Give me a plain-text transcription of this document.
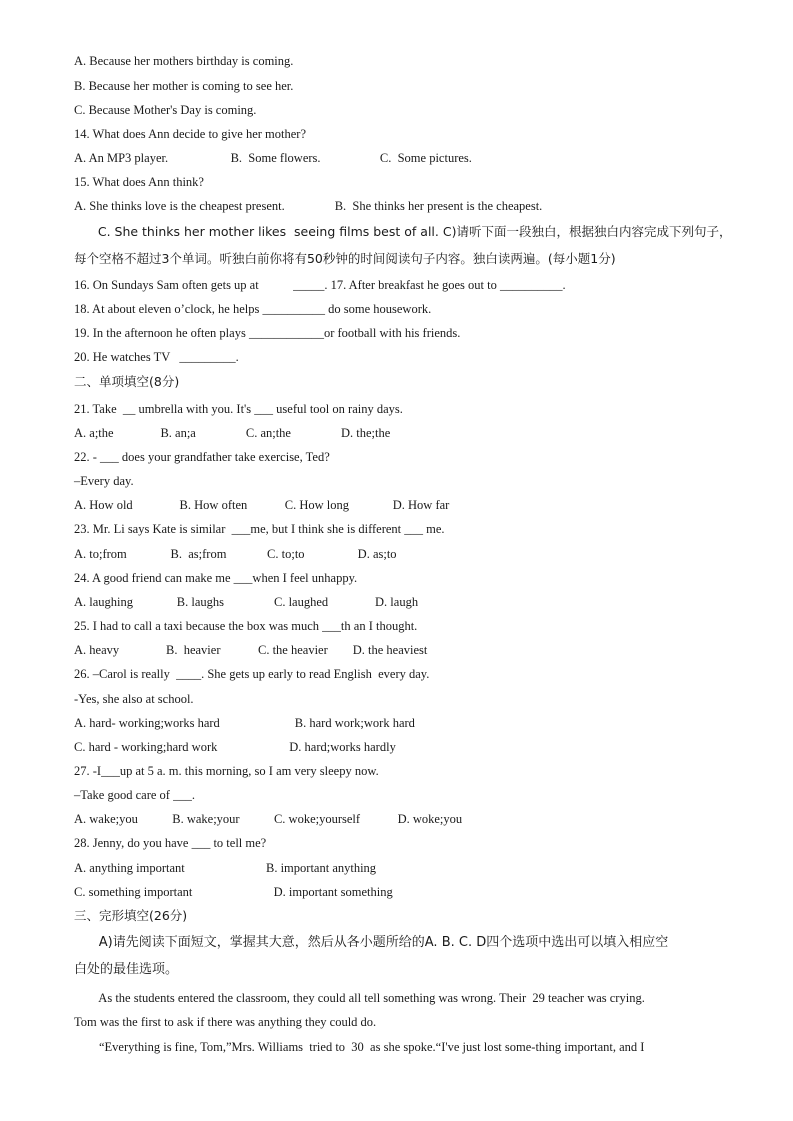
A. Because her mothers birthday is coming.
B. Because her mother is coming to see her.
C. Because Mother's Day is coming.
14. What does Ann decide to give her mother?
A. An MP3 player.                    B.  Some flowers.                   C.  Some pictures.
15. What does Ann think?
A. She thinks love is the cheapest present.                B.  She thinks her present is the cheapest.
C. She thinks her mother likes  seeing films best of all. C)请听下面一段独白，根据独白内容完成下列句子，
每个空格不超过3个单词。听独白前你将有50秒钟的时间阅读句子内容。独白读两遍。(每小题1分)
16. On Sundays Sam often gets up at           _____. 17. After breakfast he goes out to __________.
18. At about eleven o’clock, he helps __________ do some housework.
19. In the afternoon he often plays ____________or football with his friends.
20. He watches TV   _________.
二、单项填空(8分)
21. Take  __ umbrella with you. It's ___ useful tool on rainy days.
A. a;the               B. an;a                C. an;the                D. the;the
22. - ___ does your grandfather take exercise, Ted?
–Every day.
A. How old               B. How often            C. How long              D. How far
23. Mr. Li says Kate is similar  ___me, but I think she is different ___ me.
A. to;from              B.  as;from             C. to;to                 D. as;to
24. A good friend can make me ___when I feel unhappy.
A. laughing              B. laughs                C. laughed               D. laugh
25. I had to call a taxi because the box was much ___th an I thought.
A. heavy               B.  heavier            C. the heavier        D. the heaviest
26. –Carol is really  ____. She gets up early to read English  every day.
-Yes, she also at school.
A. hard- working;works hard                        B. hard work;work hard
C. hard - working;hard work                       D. hard;works hardly
27. -I___up at 5 a. m. this morning, so I am very sleepy now.
–Take good care of ___.
A. wake;you           B. wake;your           C. woke;yourself            D. woke;you
28. Jenny, do you have ___ to tell me?
A. anything important                          B. important anything
C. something important                          D. important something
三、完形填空(26分)
A)请先阅读下面短文，掌握其大意，然后从各小题所给的A. B. C. D四个选项中选出可以填入相应空
白处的最佳选项。
As the students entered the classroom, they could all tell something was wrong. Their  29 teacher was crying.
Tom was the first to ask if there was anything they could do.
“Everything is fine, Tom,”Mrs. Williams  tried to  30  as she spoke.“I've just lost some-thing important, and I
